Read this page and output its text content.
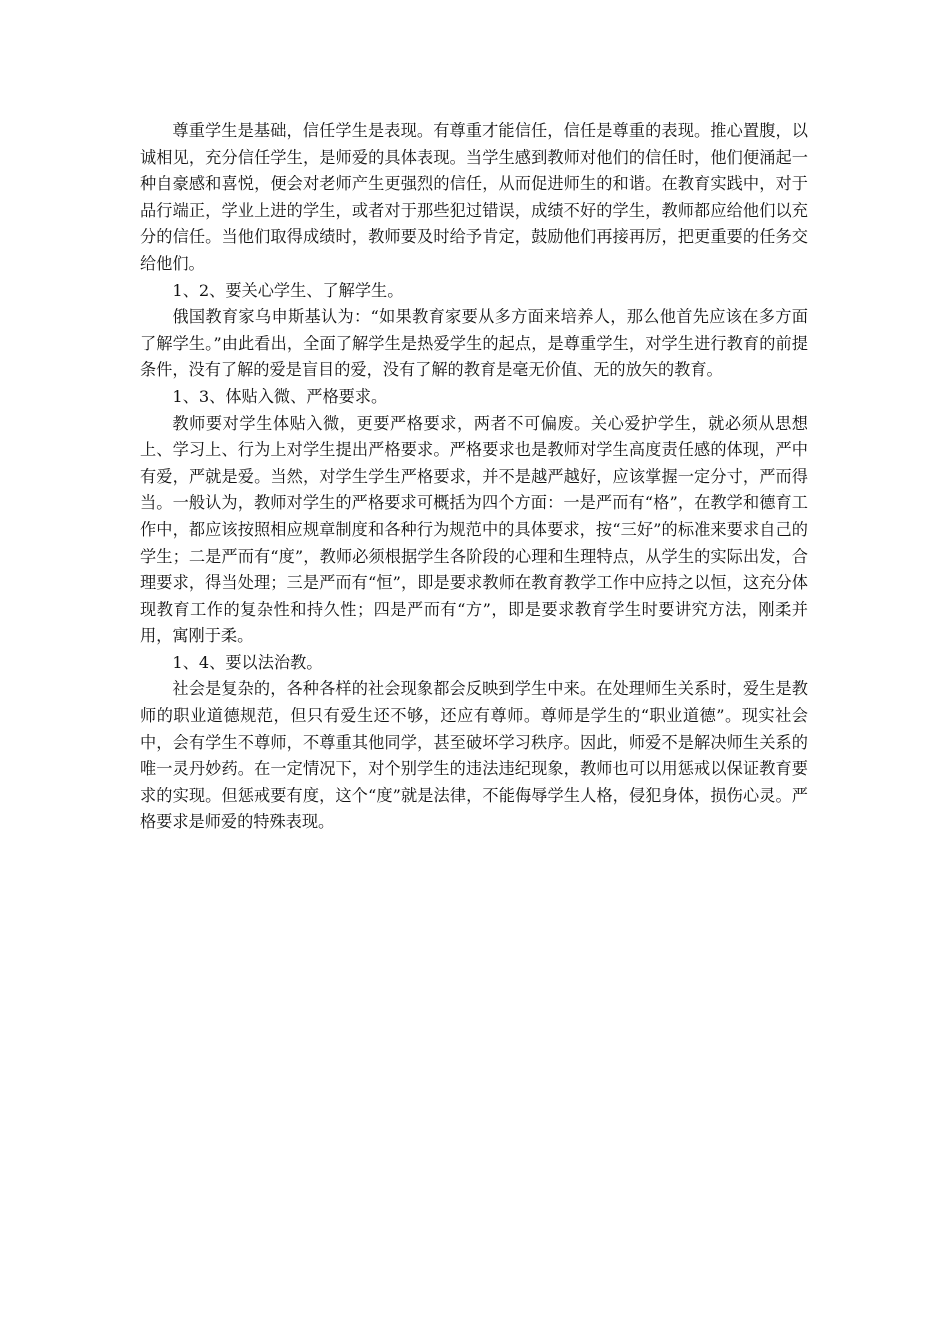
尊重学生是基础，信任学生是表现。有尊重才能信任，信任是尊重的表现。推心置腹，以诚相见，充分信任学生，是师爱的具体表现。当学生感到教师对他们的信任时，他们便涌起一种自豪感和喜悦，便会对老师产生更强烈的信任，从而促进师生的和谐。在教育实践中，对于品行端正，学业上进的学生，或者对于那些犯过错误，成绩不好的学生，教师都应给他们以充分的信任。当他们取得成绩时，教师要及时给予肯定，鼓励他们再接再厉，把更重要的任务交给他们。

1、2、要关心学生、了解学生。

俄国教育家乌申斯基认为：“如果教育家要从多方面来培养人，那么他首先应该在多方面了解学生。”由此看出，全面了解学生是热爱学生的起点，是尊重学生，对学生进行教育的前提条件，没有了解的爱是盲目的爱，没有了解的教育是毫无价值、无的放矢的教育。

1、3、体贴入微、严格要求。

教师要对学生体贴入微，更要严格要求，两者不可偏废。关心爱护学生，就必须从思想上、学习上、行为上对学生提出严格要求。严格要求也是教师对学生高度责任感的体现，严中有爱，严就是爱。当然，对学生学生严格要求，并不是越严越好，应该掌握一定分寸，严而得当。一般认为，教师对学生的严格要求可概括为四个方面：一是严而有“格”，在教学和德育工作中，都应该按照相应规章制度和各种行为规范中的具体要求，按“三好”的标准来要求自己的学生；二是严而有“度”，教师必须根据学生各阶段的心理和生理特点，从学生的实际出发，合理要求，得当处理；三是严而有“恒”，即是要求教师在教育教学工作中应持之以恒，这充分体现教育工作的复杂性和持久性；四是严而有“方”，即是要求教育学生时要讲究方法，刚柔并用，寓刚于柔。

1、4、要以法治教。

社会是复杂的，各种各样的社会现象都会反映到学生中来。在处理师生关系时，爱生是教师的职业道德规范，但只有爱生还不够，还应有尊师。尊师是学生的“职业道德”。现实社会中，会有学生不尊师，不尊重其他同学，甚至破坏学习秩序。因此，师爱不是解决师生关系的唯一灵丹妙药。在一定情况下，对个别学生的违法违纪现象，教师也可以用惩戒以保证教育要求的实现。但惩戒要有度，这个“度”就是法律，不能侮辱学生人格，侵犯身体，损伤心灵。严格要求是师爱的特殊表现。
